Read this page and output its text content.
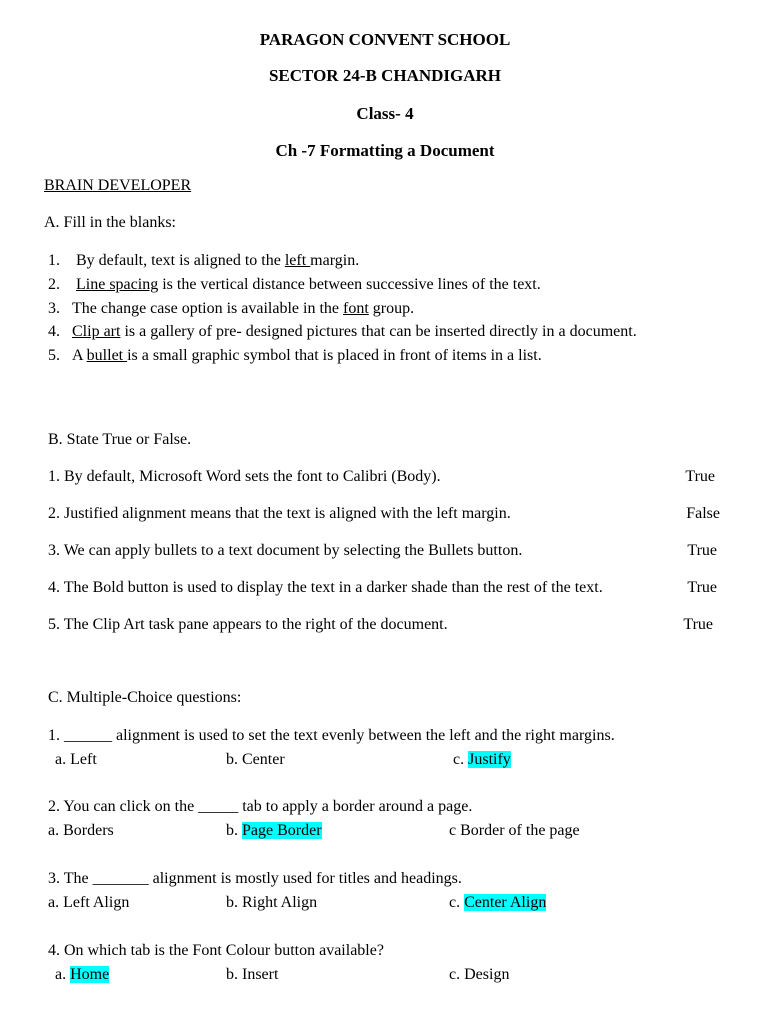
PARAGON CONVENT SCHOOL
SECTOR 24-B CHANDIGARH
Class- 4
Ch -7 Formatting a Document
BRAIN DEVELOPER
A. Fill in the blanks:
1. By default, text is aligned to the left margin.
2. Line spacing is the vertical distance between successive lines of the text.
3. The change case option is available in the font group.
4. Clip art is a gallery of pre- designed pictures that can be inserted directly in a document.
5. A bullet is a small graphic symbol that is placed in front of items in a list.
B. State True or False.
1. By default, Microsoft Word sets the font to Calibri (Body).	True
2. Justified alignment means that the text is aligned with the left margin.	False
3. We can apply bullets to a text document by selecting the Bullets button.	True
4. The Bold button is used to display the text in a darker shade than the rest of the text.	True
5. The Clip Art task pane appears to the right of the document.	True
C. Multiple-Choice questions:
1. ______ alignment is used to set the text evenly between the left and the right margins.
a. Left	b. Center	c. Justify
2. You can click on the _____ tab to apply a border around a page.
a. Borders	b. Page Border	c Border of the page
3. The _______ alignment is mostly used for titles and headings.
a. Left Align	b. Right Align	c. Center Align
4. On which tab is the Font Colour button available?
a. Home	b. Insert	c. Design
